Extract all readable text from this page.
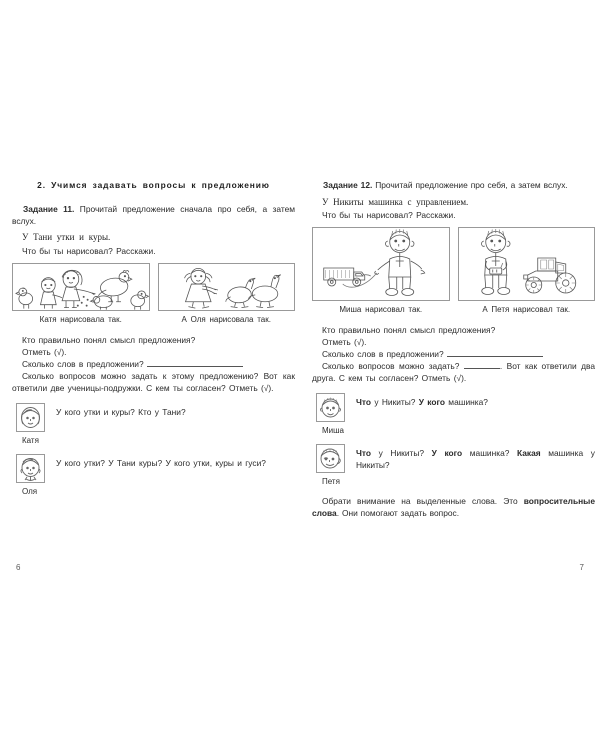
2. Учимся задавать вопросы к предложению

Задание 11. Прочитай предложение сначала про себя, а затем вслух.

У Тани утки и куры.

Что бы ты нарисовал? Расскажи.

Катя нарисовала так.	А Оля нарисовала так.

Кто правильно понял смысл предложения?

Отметь (√).

Сколько слов в предложении?

Сколько вопросов можно задать к этому предложению? Вот как ответили две ученицы-подружки. С кем ты согласен? Отметь (√).

У кого утки и куры? Кто у Тани?
Катя
У кого утки? У Тани куры? У кого утки, куры и гуси?
Оля

Задание 12. Прочитай предложение про себя, а затем вслух.

У Никиты машинка с управлением.

Что бы ты нарисовал? Расскажи.

Миша нарисовал так.	А Петя нарисовал так.

Кто правильно понял смысл предложения?

Отметь (√).

Сколько слов в предложении?

Сколько вопросов можно задать?	. Вот как ответили два друга. С кем ты согласен? Отметь (√).

Что у Никиты? У кого машинка?
Миша
Что у Никиты? У кого машинка? Какая машинка у Никиты?
Петя

Обрати внимание на выделенные слова. Это вопросительные слова. Они помогают задать вопрос.

6	7
